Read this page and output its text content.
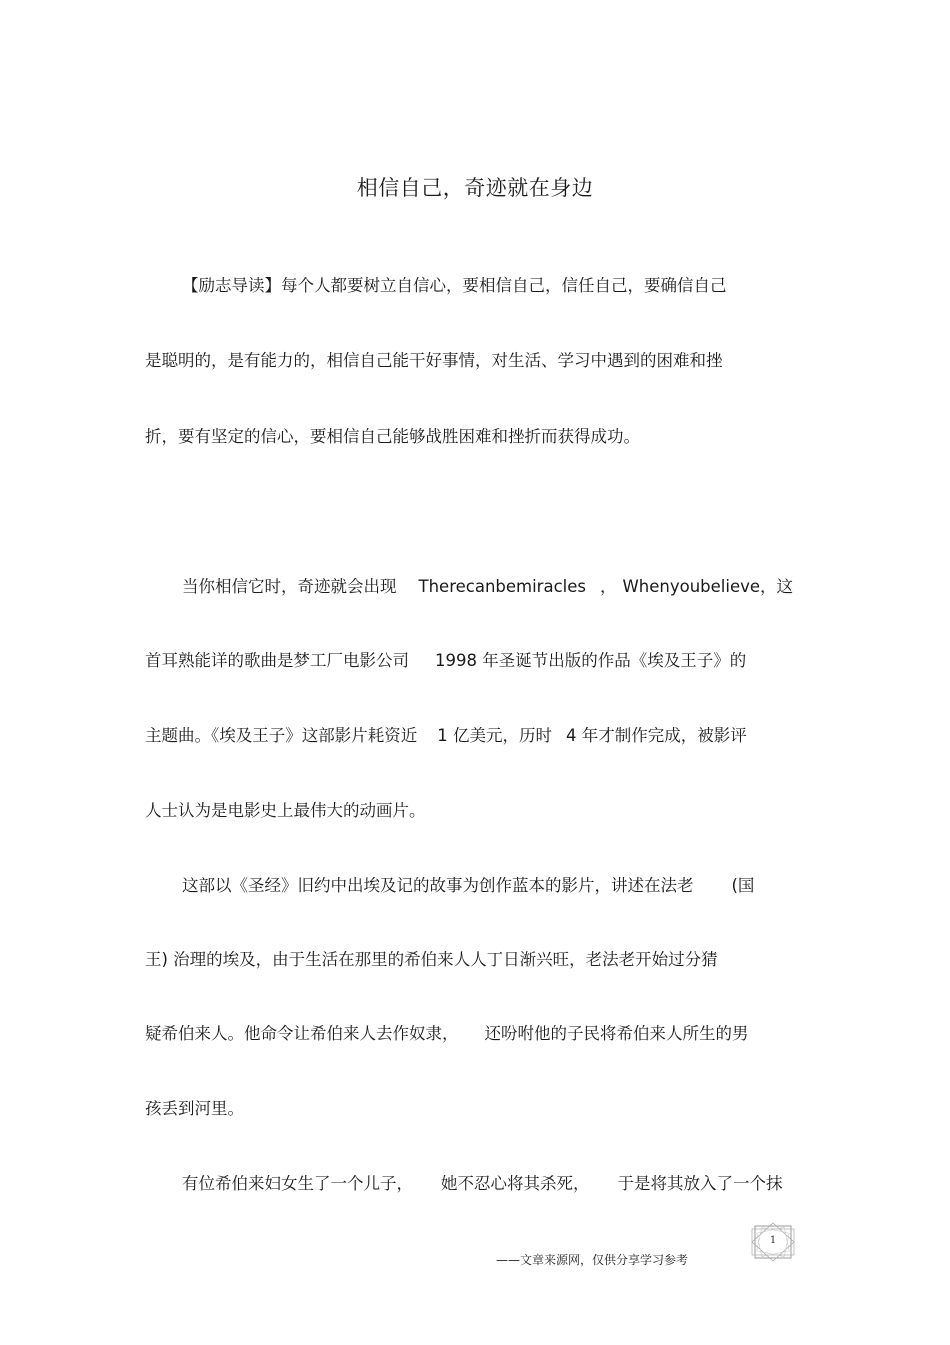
相信自己，奇迹就在身边

【励志导读】每个人都要树立自信心，要相信自己，信任自己，要确信自己

是聪明的，是有能力的，相信自己能干好事情，对生活、学习中遇到的困难和挫

折，要有坚定的信心，要相信自己能够战胜困难和挫折而获得成功。

当你相信它时，奇迹就会出现 Therecanbemiracles ， Whenyoubelieve，这

首耳熟能详的歌曲是梦工厂电影公司 1998 年圣诞节出版的作品《埃及王子》的

主题曲。《埃及王子》这部影片耗资近 1 亿美元，历时 4 年才制作完成，被影评

人士认为是电影史上最伟大的动画片。

这部以《圣经》旧约中出埃及记的故事为创作蓝本的影片，讲述在法老 (国

王) 治理的埃及，由于生活在那里的希伯来人人丁日渐兴旺，老法老开始过分猜

疑希伯来人。他命令让希伯来人去作奴隶， 还吩咐他的子民将希伯来人所生的男

孩丢到河里。

有位希伯来妇女生了一个儿子， 她不忍心将其杀死， 于是将其放入了一个抹

——文章来源网，仅供分享学习参考
1
